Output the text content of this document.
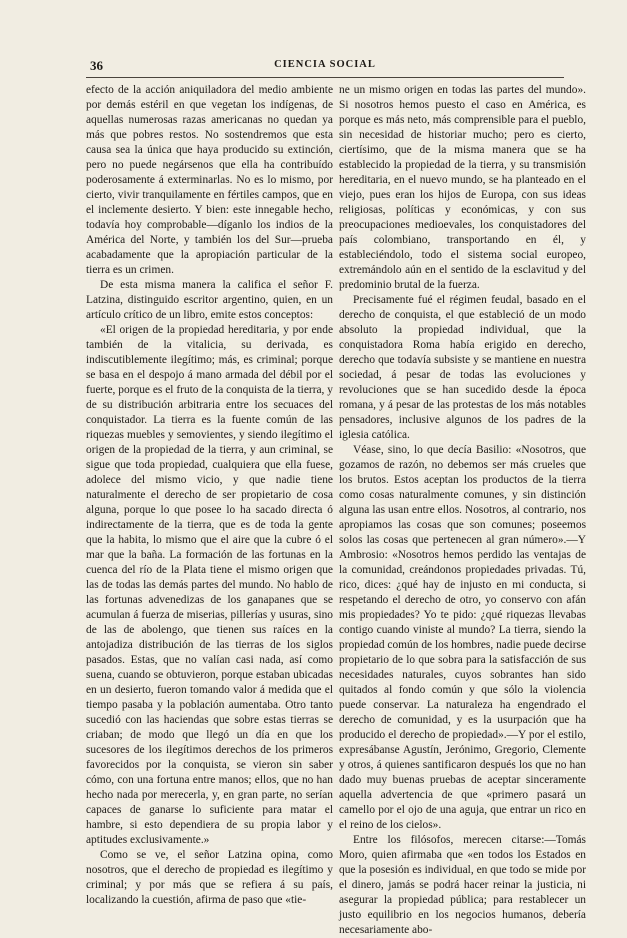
36	CIENCIA SOCIAL

efecto de la acción aniquiladora del medio ambiente por demás estéril en que vegetan los indígenas, de aquellas numerosas razas americanas no quedan ya más que pobres restos. No sostendremos que esta causa sea la única que haya producido su extinción, pero no puede negársenos que ella ha contribuído poderosamente á exterminarlas. No es lo mismo, por cierto, vivir tranquilamente en fértiles campos, que en el inclemente desierto. Y bien: este innegable hecho, todavía hoy comprobable—díganlo los indios de la América del Norte, y también los del Sur—prueba acabadamente que la apropiación particular de la tierra es un crimen.

De esta misma manera la califica el señor F. Latzina, distinguido escritor argentino, quien, en un artículo crítico de un libro, emite estos conceptos:

«El origen de la propiedad hereditaria, y por ende también de la vitalicia, su derivada, es indiscutiblemente ilegítimo; más, es criminal; porque se basa en el despojo á mano armada del débil por el fuerte, porque es el fruto de la conquista de la tierra, y de su distribución arbitraria entre los secuaces del conquistador. La tierra es la fuente común de las riquezas muebles y semovientes, y siendo ilegítimo el origen de la propiedad de la tierra, y aun criminal, se sigue que toda propiedad, cualquiera que ella fuese, adolece del mismo vicio, y que nadie tiene naturalmente el derecho de ser propietario de cosa alguna, porque lo que posee lo ha sacado directa ó indirectamente de la tierra, que es de toda la gente que la habita, lo mismo que el aire que la cubre ó el mar que la baña. La formación de las fortunas en la cuenca del río de la Plata tiene el mismo origen que las de todas las demás partes del mundo. No hablo de las fortunas advenedizas de los ganapanes que se acumulan á fuerza de miserias, pillerías y usuras, sino de las de abolengo, que tienen sus raíces en la antojadiza distribución de las tierras de los siglos pasados. Estas, que no valían casi nada, así como suena, cuando se obtuvieron, porque estaban ubicadas en un desierto, fueron tomando valor á medida que el tiempo pasaba y la población aumentaba. Otro tanto sucedió con las haciendas que sobre estas tierras se criaban; de modo que llegó un día en que los sucesores de los ilegítimos derechos de los primeros favorecidos por la conquista, se vieron sin saber cómo, con una fortuna entre manos; ellos, que no han hecho nada por merecerla, y, en gran parte, no serían capaces de ganarse lo suficiente para matar el hambre, si esto dependiera de su propia labor y aptitudes exclusivamente.»

Como se ve, el señor Latzina opina, como nosotros, que el derecho de propiedad es ilegítimo y criminal; y por más que se refiera á su país, localizando la cuestión, afirma de paso que «tie-

ne un mismo origen en todas las partes del mundo». Si nosotros hemos puesto el caso en América, es porque es más neto, más comprensible para el pueblo, sin necesidad de historiar mucho; pero es cierto, ciertísimo, que de la misma manera que se ha establecido la propiedad de la tierra, y su transmisión hereditaria, en el nuevo mundo, se ha planteado en el viejo, pues eran los hijos de Europa, con sus ideas religiosas, políticas y económicas, y con sus preocupaciones medioevales, los conquistadores del país colombiano, transportando en él, y estableciéndolo, todo el sistema social europeo, extremándolo aún en el sentido de la esclavitud y del predominio brutal de la fuerza.

Precisamente fué el régimen feudal, basado en el derecho de conquista, el que estableció de un modo absoluto la propiedad individual, que la conquistadora Roma había erigido en derecho, derecho que todavía subsiste y se mantiene en nuestra sociedad, á pesar de todas las evoluciones y revoluciones que se han sucedido desde la época romana, y á pesar de las protestas de los más notables pensadores, inclusive algunos de los padres de la iglesia católica.

Véase, sino, lo que decía Basilio: «Nosotros, que gozamos de razón, no debemos ser más crueles que los brutos. Estos aceptan los productos de la tierra como cosas naturalmente comunes, y sin distinción alguna las usan entre ellos. Nosotros, al contrario, nos apropiamos las cosas que son comunes; poseemos solos las cosas que pertenecen al gran número».—Y Ambrosio: «Nosotros hemos perdido las ventajas de la comunidad, creándonos propiedades privadas. Tú, rico, dices: ¿qué hay de injusto en mi conducta, si respetando el derecho de otro, yo conservo con afán mis propiedades? Yo te pido: ¿qué riquezas llevabas contigo cuando viniste al mundo? La tierra, siendo la propiedad común de los hombres, nadie puede decirse propietario de lo que sobra para la satisfacción de sus necesidades naturales, cuyos sobrantes han sido quitados al fondo común y que sólo la violencia puede conservar. La naturaleza ha engendrado el derecho de comunidad, y es la usurpación que ha producido el derecho de propiedad».—Y por el estilo, expresábanse Agustín, Jerónimo, Gregorio, Clemente y otros, á quienes santificaron después los que no han dado muy buenas pruebas de aceptar sinceramente aquella advertencia de que «primero pasará un camello por el ojo de una aguja, que entrar un rico en el reino de los cielos».

Entre los filósofos, merecen citarse:—Tomás Moro, quien afirmaba que «en todos los Estados en que la posesión es individual, en que todo se mide por el dinero, jamás se podrá hacer reinar la justicia, ni asegurar la propiedad pública; para restablecer un justo equilibrio en los negocios humanos, debería necesariamente abo-
